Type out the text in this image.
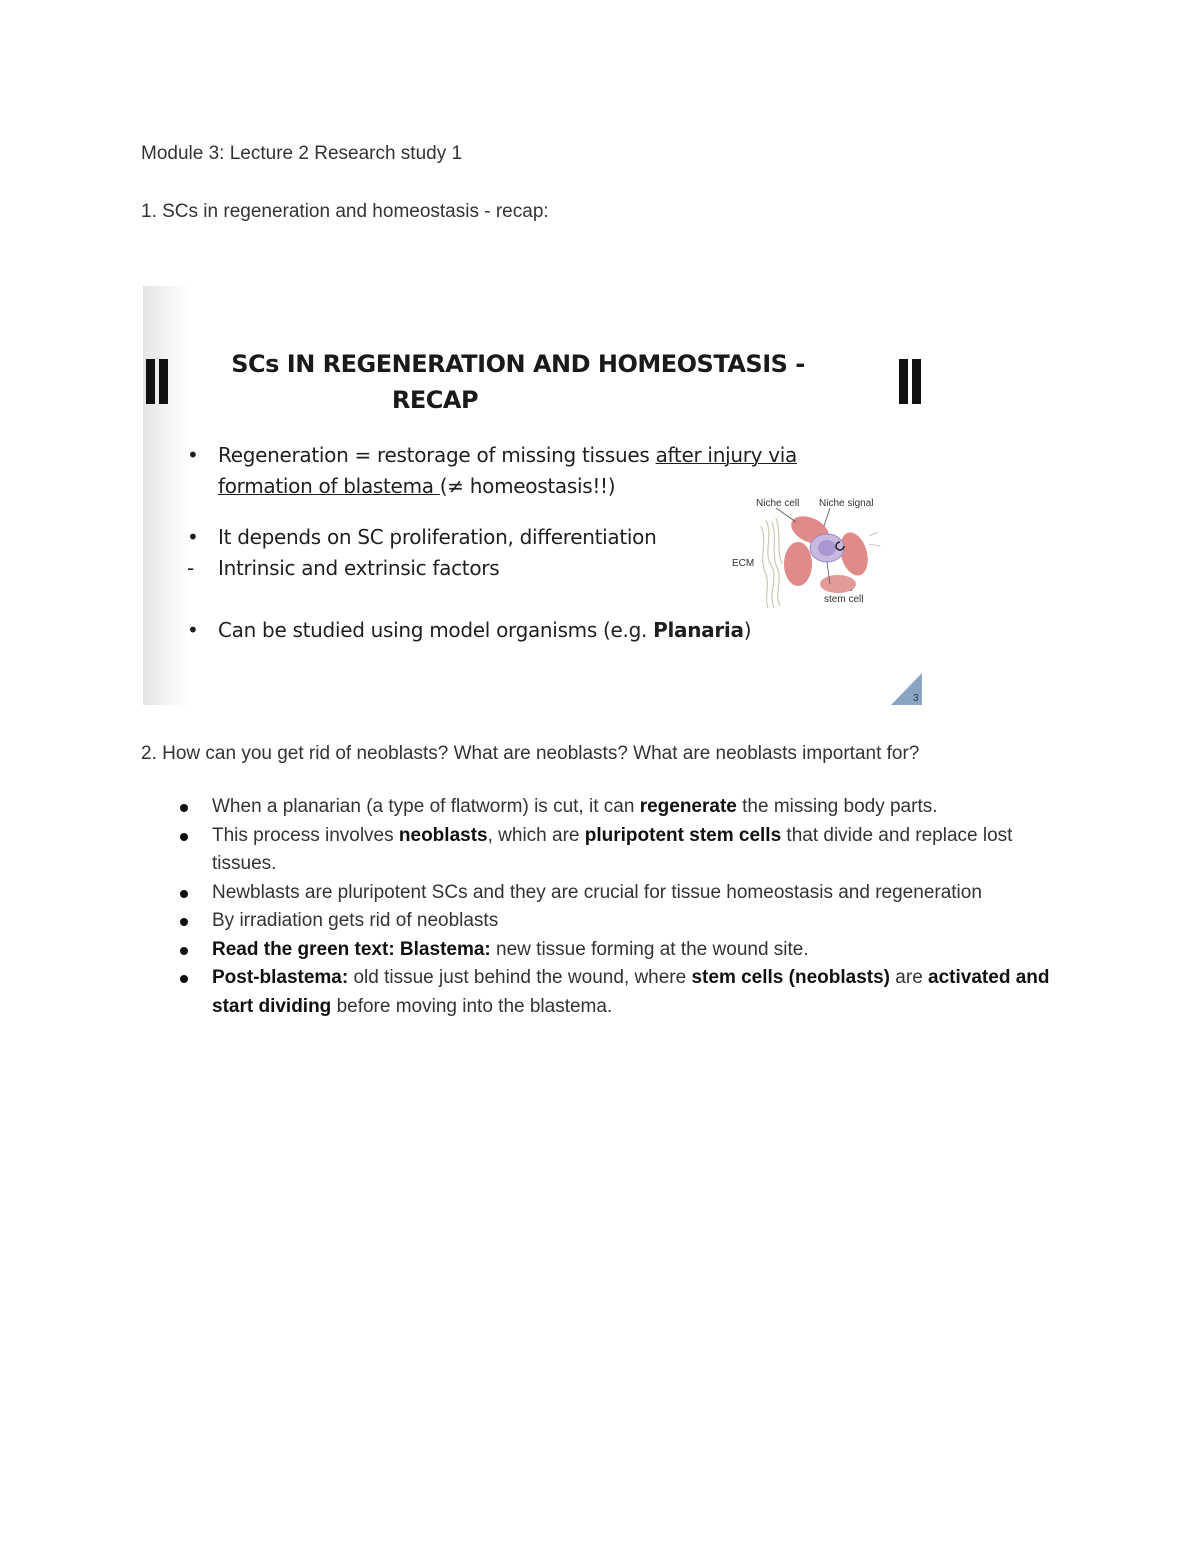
Module 3: Lecture 2 Research study 1
1. SCs in regeneration and homeostasis - recap:
SCs IN REGENERATION AND HOMEOSTASIS -
RECAP
• Regeneration = restorage of missing tissues after injury via
formation of blastema (≠ homeostasis!!)
• It depends on SC proliferation, differentiation
-	Intrinsic and extrinsic factors
• Can be studied using model organisms (e.g. Planaria)
Niche cell Niche signal
ECM
stem cell
3
2. How can you get rid of neoblasts? What are neoblasts? What are neoblasts important for?
When a planarian (a type of flatworm) is cut, it can regenerate the missing body parts.
This process involves neoblasts, which are pluripotent stem cells that divide and replace lost tissues.
Newblasts are pluripotent SCs and they are crucial for tissue homeostasis and regeneration
By irradiation gets rid of neoblasts
Read the green text: Blastema: new tissue forming at the wound site.
Post-blastema: old tissue just behind the wound, where stem cells (neoblasts) are activated and start dividing before moving into the blastema.
